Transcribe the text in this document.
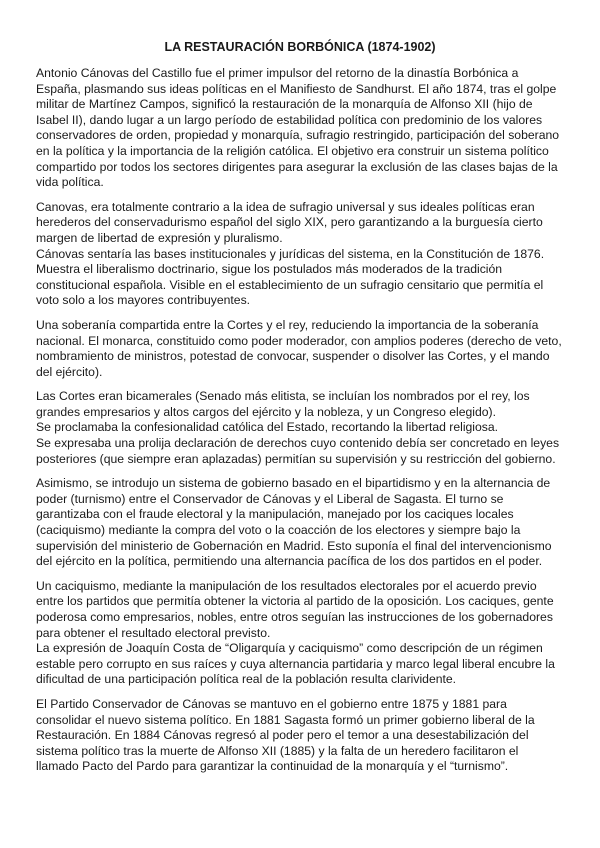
LA RESTAURACIÓN BORBÓNICA (1874-1902)
Antonio Cánovas del Castillo fue el primer impulsor del retorno de la dinastía Borbónica a España, plasmando sus ideas políticas en el Manifiesto de Sandhurst. El año 1874, tras el golpe militar de Martínez Campos, significó la restauración de la monarquía de Alfonso XII (hijo de Isabel II), dando lugar a un largo período de estabilidad política con predominio de los valores conservadores de orden, propiedad y monarquía, sufragio restringido, participación del soberano en la política y la importancia de la religión católica. El objetivo era construir un sistema político compartido por todos los sectores dirigentes para asegurar la exclusión de las clases bajas de la vida política.
Canovas, era totalmente contrario a la idea de sufragio universal y sus ideales políticas eran herederos del conservadurismo español del siglo XIX, pero garantizando a la burguesía cierto margen de libertad de expresión y pluralismo.
Cánovas sentaría las bases institucionales y jurídicas del sistema, en la Constitución de 1876. Muestra el liberalismo doctrinario, sigue los postulados más moderados de la tradición constitucional española. Visible en el establecimiento de un sufragio censitario que permitía el voto solo a los mayores contribuyentes.
Una soberanía compartida entre la Cortes y el rey, reduciendo la importancia de la soberanía nacional. El monarca, constituido como poder moderador, con amplios poderes (derecho de veto, nombramiento de ministros, potestad de convocar, suspender o disolver las Cortes, y el mando del ejército).
Las Cortes eran bicamerales (Senado más elitista, se incluían los nombrados por el rey, los grandes empresarios y altos cargos del ejército y la nobleza, y un Congreso elegido).
Se proclamaba la confesionalidad católica del Estado, recortando la libertad religiosa.
Se expresaba una prolija declaración de derechos cuyo contenido debía ser concretado en leyes posteriores (que siempre eran aplazadas) permitían su supervisión y su restricción del gobierno.
Asimismo, se introdujo un sistema de gobierno basado en el bipartidismo y en la alternancia de poder (turnismo) entre el Conservador de Cánovas y el Liberal de Sagasta. El turno se garantizaba con el fraude electoral y la manipulación, manejado por los caciques locales (caciquismo) mediante la compra del voto o la coacción de los electores y siempre bajo la supervisión del ministerio de Gobernación en Madrid. Esto suponía el final del intervencionismo del ejército en la política, permitiendo una alternancia pacífica de los dos partidos en el poder.
Un caciquismo, mediante la manipulación de los resultados electorales por el acuerdo previo entre los partidos que permitía obtener la victoria al partido de la oposición. Los caciques, gente poderosa como empresarios, nobles, entre otros seguían las instrucciones de los gobernadores para obtener el resultado electoral previsto.
La expresión de Joaquín Costa de “Oligarquía y caciquismo” como descripción de un régimen estable pero corrupto en sus raíces y cuya alternancia partidaria y marco legal liberal encubre la dificultad de una participación política real de la población resulta clarividente.
El Partido Conservador de Cánovas se mantuvo en el gobierno entre 1875 y 1881 para consolidar el nuevo sistema político. En 1881 Sagasta formó un primer gobierno liberal de la Restauración. En 1884 Cánovas regresó al poder pero el temor a una desestabilización del sistema político tras la muerte de Alfonso XII (1885) y la falta de un heredero facilitaron el llamado Pacto del Pardo para garantizar la continuidad de la monarquía y el “turnismo”.
